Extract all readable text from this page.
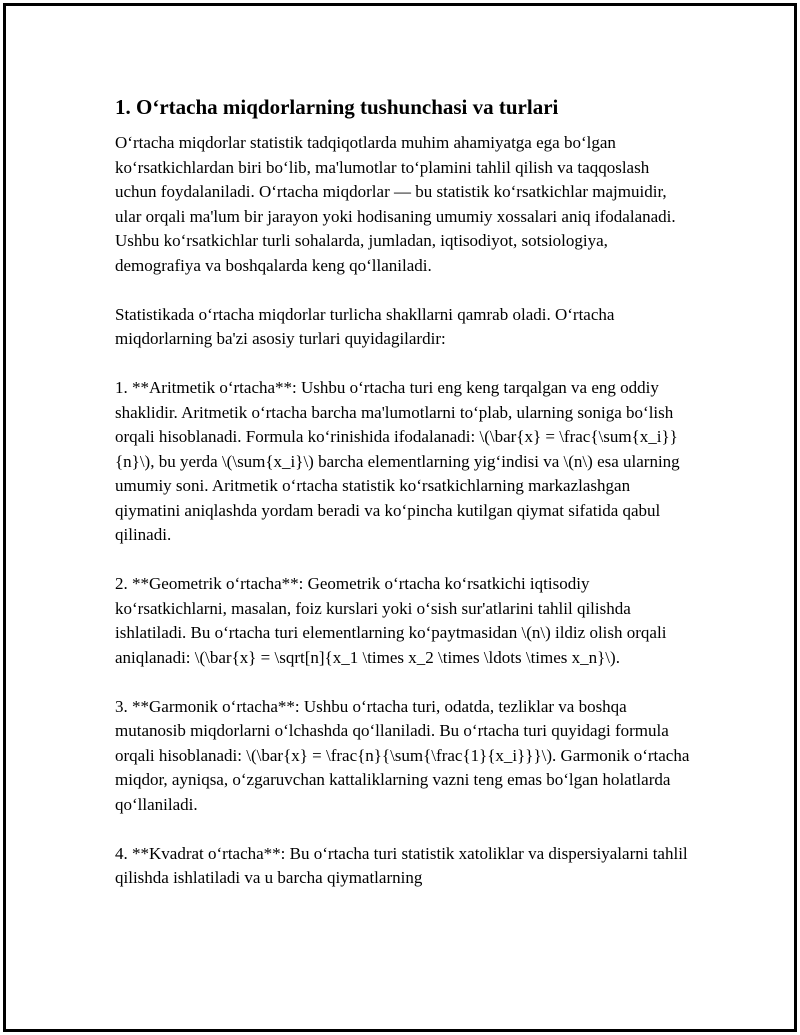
1. O‘rtacha miqdorlarning tushunchasi va turlari

O‘rtacha miqdorlar statistik tadqiqotlarda muhim ahamiyatga ega bo‘lgan ko‘rsatkichlardan biri bo‘lib, ma'lumotlar to‘plamini tahlil qilish va taqqoslash uchun foydalaniladi. O‘rtacha miqdorlar — bu statistik ko‘rsatkichlar majmuidir, ular orqali ma'lum bir jarayon yoki hodisaning umumiy xossalari aniq ifodalanadi. Ushbu ko‘rsatkichlar turli sohalarda, jumladan, iqtisodiyot, sotsiologiya, demografiya va boshqalarda keng qo‘llaniladi.

Statistikada o‘rtacha miqdorlar turlicha shakllarni qamrab oladi. O‘rtacha miqdorlarning ba'zi asosiy turlari quyidagilardir:

1. **Aritmetik o‘rtacha**: Ushbu o‘rtacha turi eng keng tarqalgan va eng oddiy shaklidir. Aritmetik o‘rtacha barcha ma'lumotlarni to‘plab, ularning soniga bo‘lish orqali hisoblanadi. Formula ko‘rinishida ifodalanadi: \(\bar{x} = \frac{\sum{x_i}}{n}\), bu yerda \(\sum{x_i}\) barcha elementlarning yig‘indisi va \(n\) esa ularning umumiy soni. Aritmetik o‘rtacha statistik ko‘rsatkichlarning markazlashgan qiymatini aniqlashda yordam beradi va ko‘pincha kutilgan qiymat sifatida qabul qilinadi.

2. **Geometrik o‘rtacha**: Geometrik o‘rtacha ko‘rsatkichi iqtisodiy ko‘rsatkichlarni, masalan, foiz kurslari yoki o‘sish sur'atlarini tahlil qilishda ishlatiladi. Bu o‘rtacha turi elementlarning ko‘paytmasidan \(n\) ildiz olish orqali aniqlanadi: \(\bar{x} = \sqrt[n]{x_1 \times x_2 \times \ldots \times x_n}\).

3. **Garmonik o‘rtacha**: Ushbu o‘rtacha turi, odatda, tezliklar va boshqa mutanosib miqdorlarni o‘lchashda qo‘llaniladi. Bu o‘rtacha turi quyidagi formula orqali hisoblanadi: \(\bar{x} = \frac{n}{\sum{\frac{1}{x_i}}}\). Garmonik o‘rtacha miqdor, ayniqsa, o‘zgaruvchan kattaliklarning vazni teng emas bo‘lgan holatlarda qo‘llaniladi.

4. **Kvadrat o‘rtacha**: Bu o‘rtacha turi statistik xatoliklar va dispersiyalarni tahlil qilishda ishlatiladi va u barcha qiymatlarning
